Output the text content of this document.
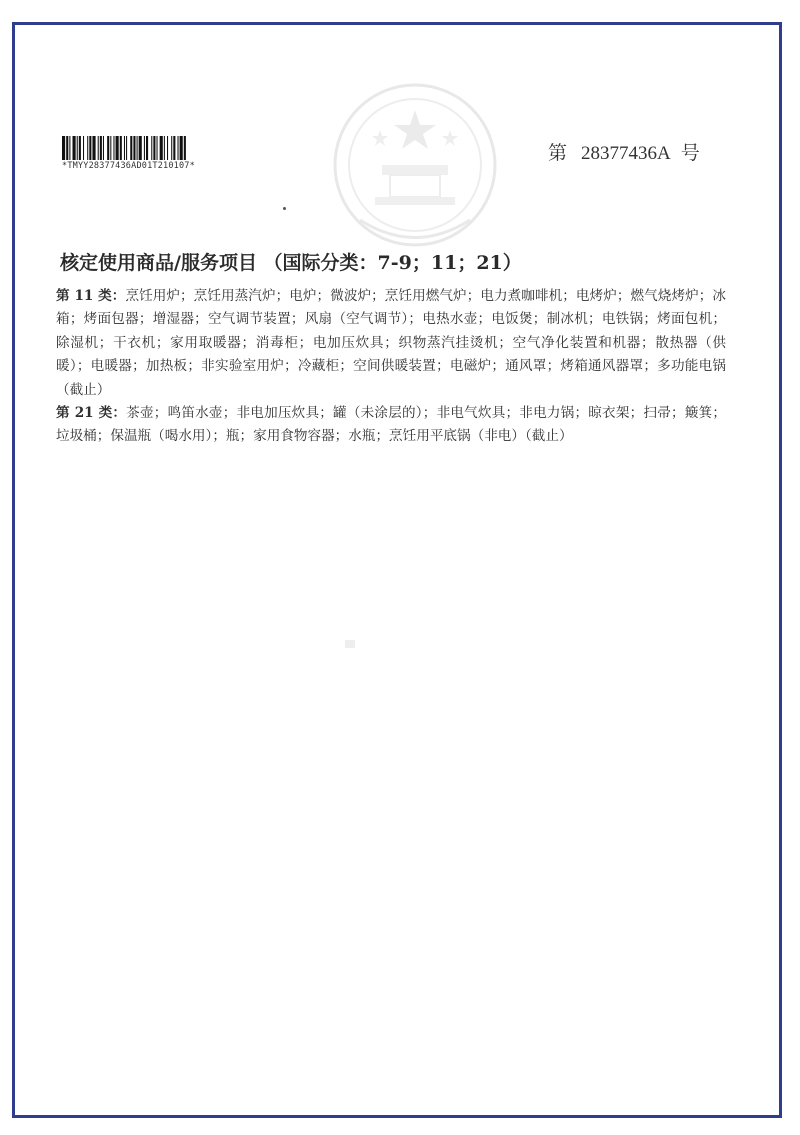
*TMYY28377436AD01T210107*
第 28377436A 号
核定使用商品/服务项目 （国际分类：7-9；11；21）

第 11 类：烹饪用炉；烹饪用蒸汽炉；电炉；微波炉；烹饪用燃气炉；电力煮咖啡机；电烤炉；燃气烧烤炉；冰箱；烤面包器；增湿器；空气调节装置；风扇（空气调节）；电热水壶；电饭煲；制冰机；电铁锅；烤面包机；除湿机；干衣机；家用取暖器；消毒柜；电加压炊具；织物蒸汽挂烫机；空气净化装置和机器；散热器（供暖）；电暖器；加热板；非实验室用炉；冷藏柜；空间供暖装置；电磁炉；通风罩；烤箱通风器罩；多功能电锅（截止）

第 21 类：茶壶；鸣笛水壶；非电加压炊具；罐（未涂层的）；非电气炊具；非电力锅；晾衣架；扫帚；簸箕；垃圾桶；保温瓶（喝水用）；瓶；家用食物容器；水瓶；烹饪用平底锅（非电）（截止）
